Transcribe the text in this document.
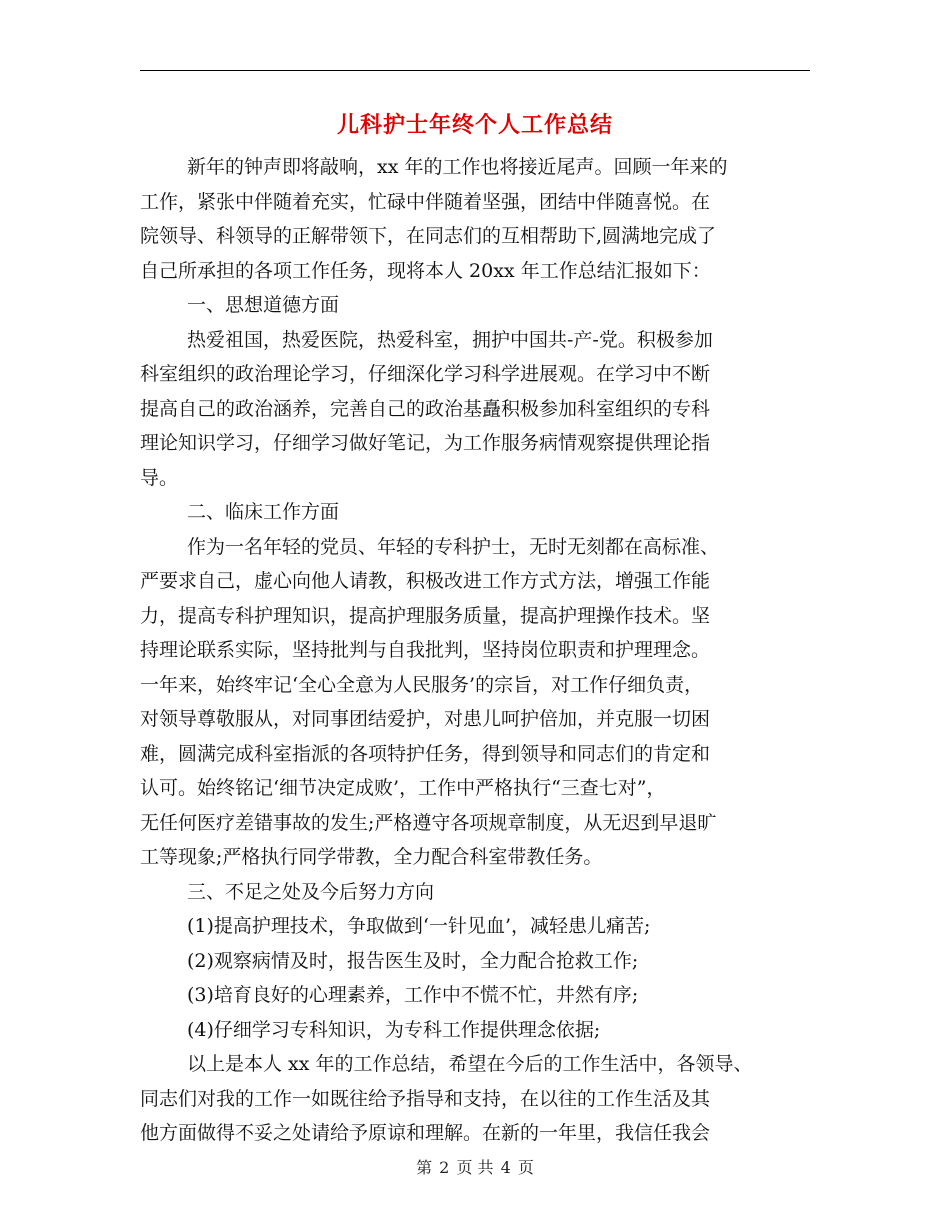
儿科护士年终个人工作总结
新年的钟声即将敲响，xx 年的工作也将接近尾声。回顾一年来的
工作，紧张中伴随着充实，忙碌中伴随着坚强，团结中伴随喜悦。在
院领导、科领导的正解带领下，在同志们的互相帮助下,圆满地完成了
自己所承担的各项工作任务，现将本人 20xx 年工作总结汇报如下：
一、思想道德方面
热爱祖国，热爱医院，热爱科室，拥护中国共-产-党。积极参加
科室组织的政治理论学习，仔细深化学习科学进展观。在学习中不断
提高自己的政治涵养，完善自己的政治基矗积极参加科室组织的专科
理论知识学习，仔细学习做好笔记，为工作服务病情观察提供理论指
导。
二、临床工作方面
作为一名年轻的党员、年轻的专科护士，无时无刻都在高标准、
严要求自己，虚心向他人请教，积极改进工作方式方法，增强工作能
力，提高专科护理知识，提高护理服务质量，提高护理操作技术。坚
持理论联系实际，坚持批判与自我批判，坚持岗位职责和护理理念。
一年来，始终牢记‘全心全意为人民服务’的宗旨，对工作仔细负责，
对领导尊敬服从，对同事团结爱护，对患儿呵护倍加，并克服一切困
难，圆满完成科室指派的各项特护任务，得到领导和同志们的肯定和
认可。始终铭记‘细节决定成败’，工作中严格执行“三查七对”，
无任何医疗差错事故的发生;严格遵守各项规章制度，从无迟到早退旷
工等现象;严格执行同学带教，全力配合科室带教任务。
三、不足之处及今后努力方向
(1)提高护理技术，争取做到‘一针见血’，减轻患儿痛苦;
(2)观察病情及时，报告医生及时，全力配合抢救工作;
(3)培育良好的心理素养，工作中不慌不忙，井然有序;
(4)仔细学习专科知识，为专科工作提供理念依据;
以上是本人 xx 年的工作总结，希望在今后的工作生活中，各领导、
同志们对我的工作一如既往给予指导和支持，在以往的工作生活及其
他方面做得不妥之处请给予原谅和理解。在新的一年里，我信任我会
第 2 页 共 4 页
